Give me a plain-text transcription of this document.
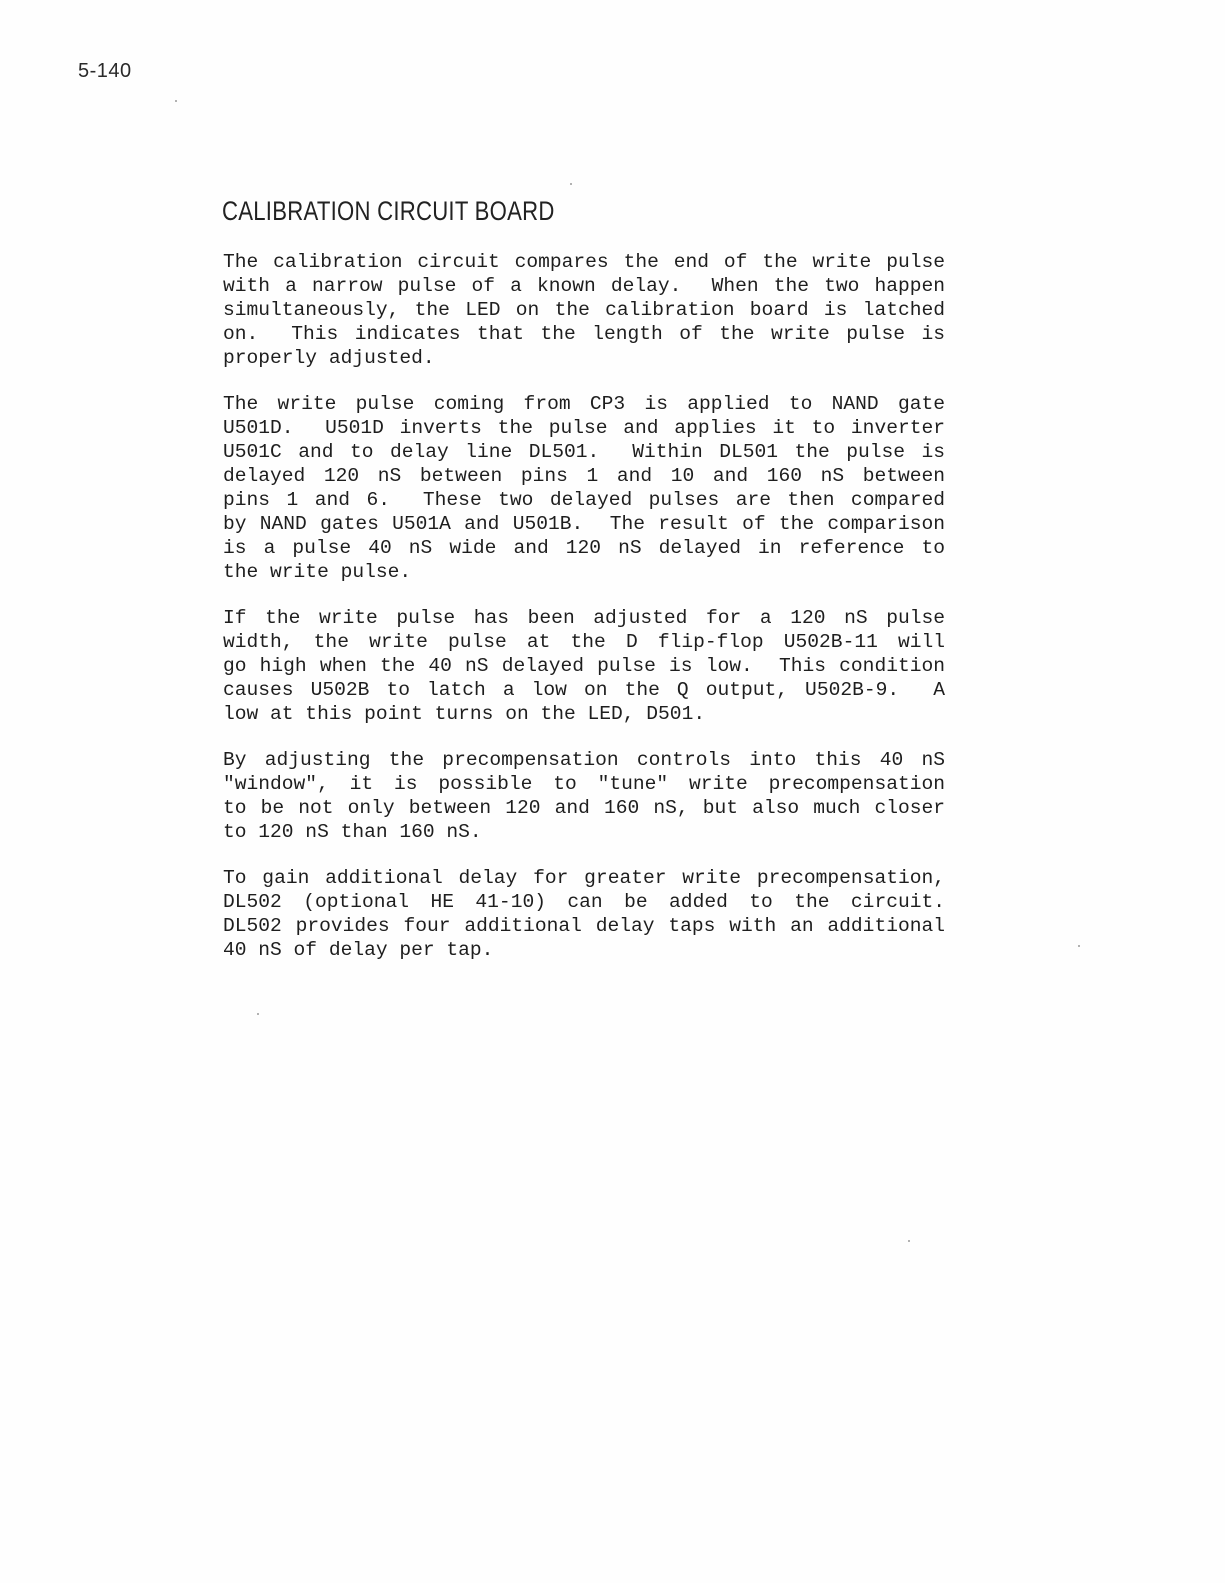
5-140
CALIBRATION CIRCUIT BOARD

The calibration circuit compares the end of the write pulse
with a narrow pulse of a known delay.  When the two happen
simultaneously, the LED on the calibration board is latched
on.  This indicates that the length of the write pulse is
properly adjusted.

The write pulse coming from CP3 is applied to NAND gate
U501D.  U501D inverts the pulse and applies it to inverter
U501C and to delay line DL501.  Within DL501 the pulse is
delayed 120 nS between pins 1 and 10 and 160 nS between
pins 1 and 6.  These two delayed pulses are then compared
by NAND gates U501A and U501B.  The result of the comparison
is a pulse 40 nS wide and 120 nS delayed in reference to
the write pulse.

If the write pulse has been adjusted for a 120 nS pulse
width, the write pulse at the D flip-flop U502B-11 will
go high when the 40 nS delayed pulse is low.  This condition
causes U502B to latch a low on the Q output, U502B-9.  A
low at this point turns on the LED, D501.

By adjusting the precompensation controls into this 40 nS
"window", it is possible to "tune" write precompensation
to be not only between 120 and 160 nS, but also much closer
to 120 nS than 160 nS.

To gain additional delay for greater write precompensation,
DL502 (optional HE 41-10) can be added to the circuit.
DL502 provides four additional delay taps with an additional
40 nS of delay per tap.
